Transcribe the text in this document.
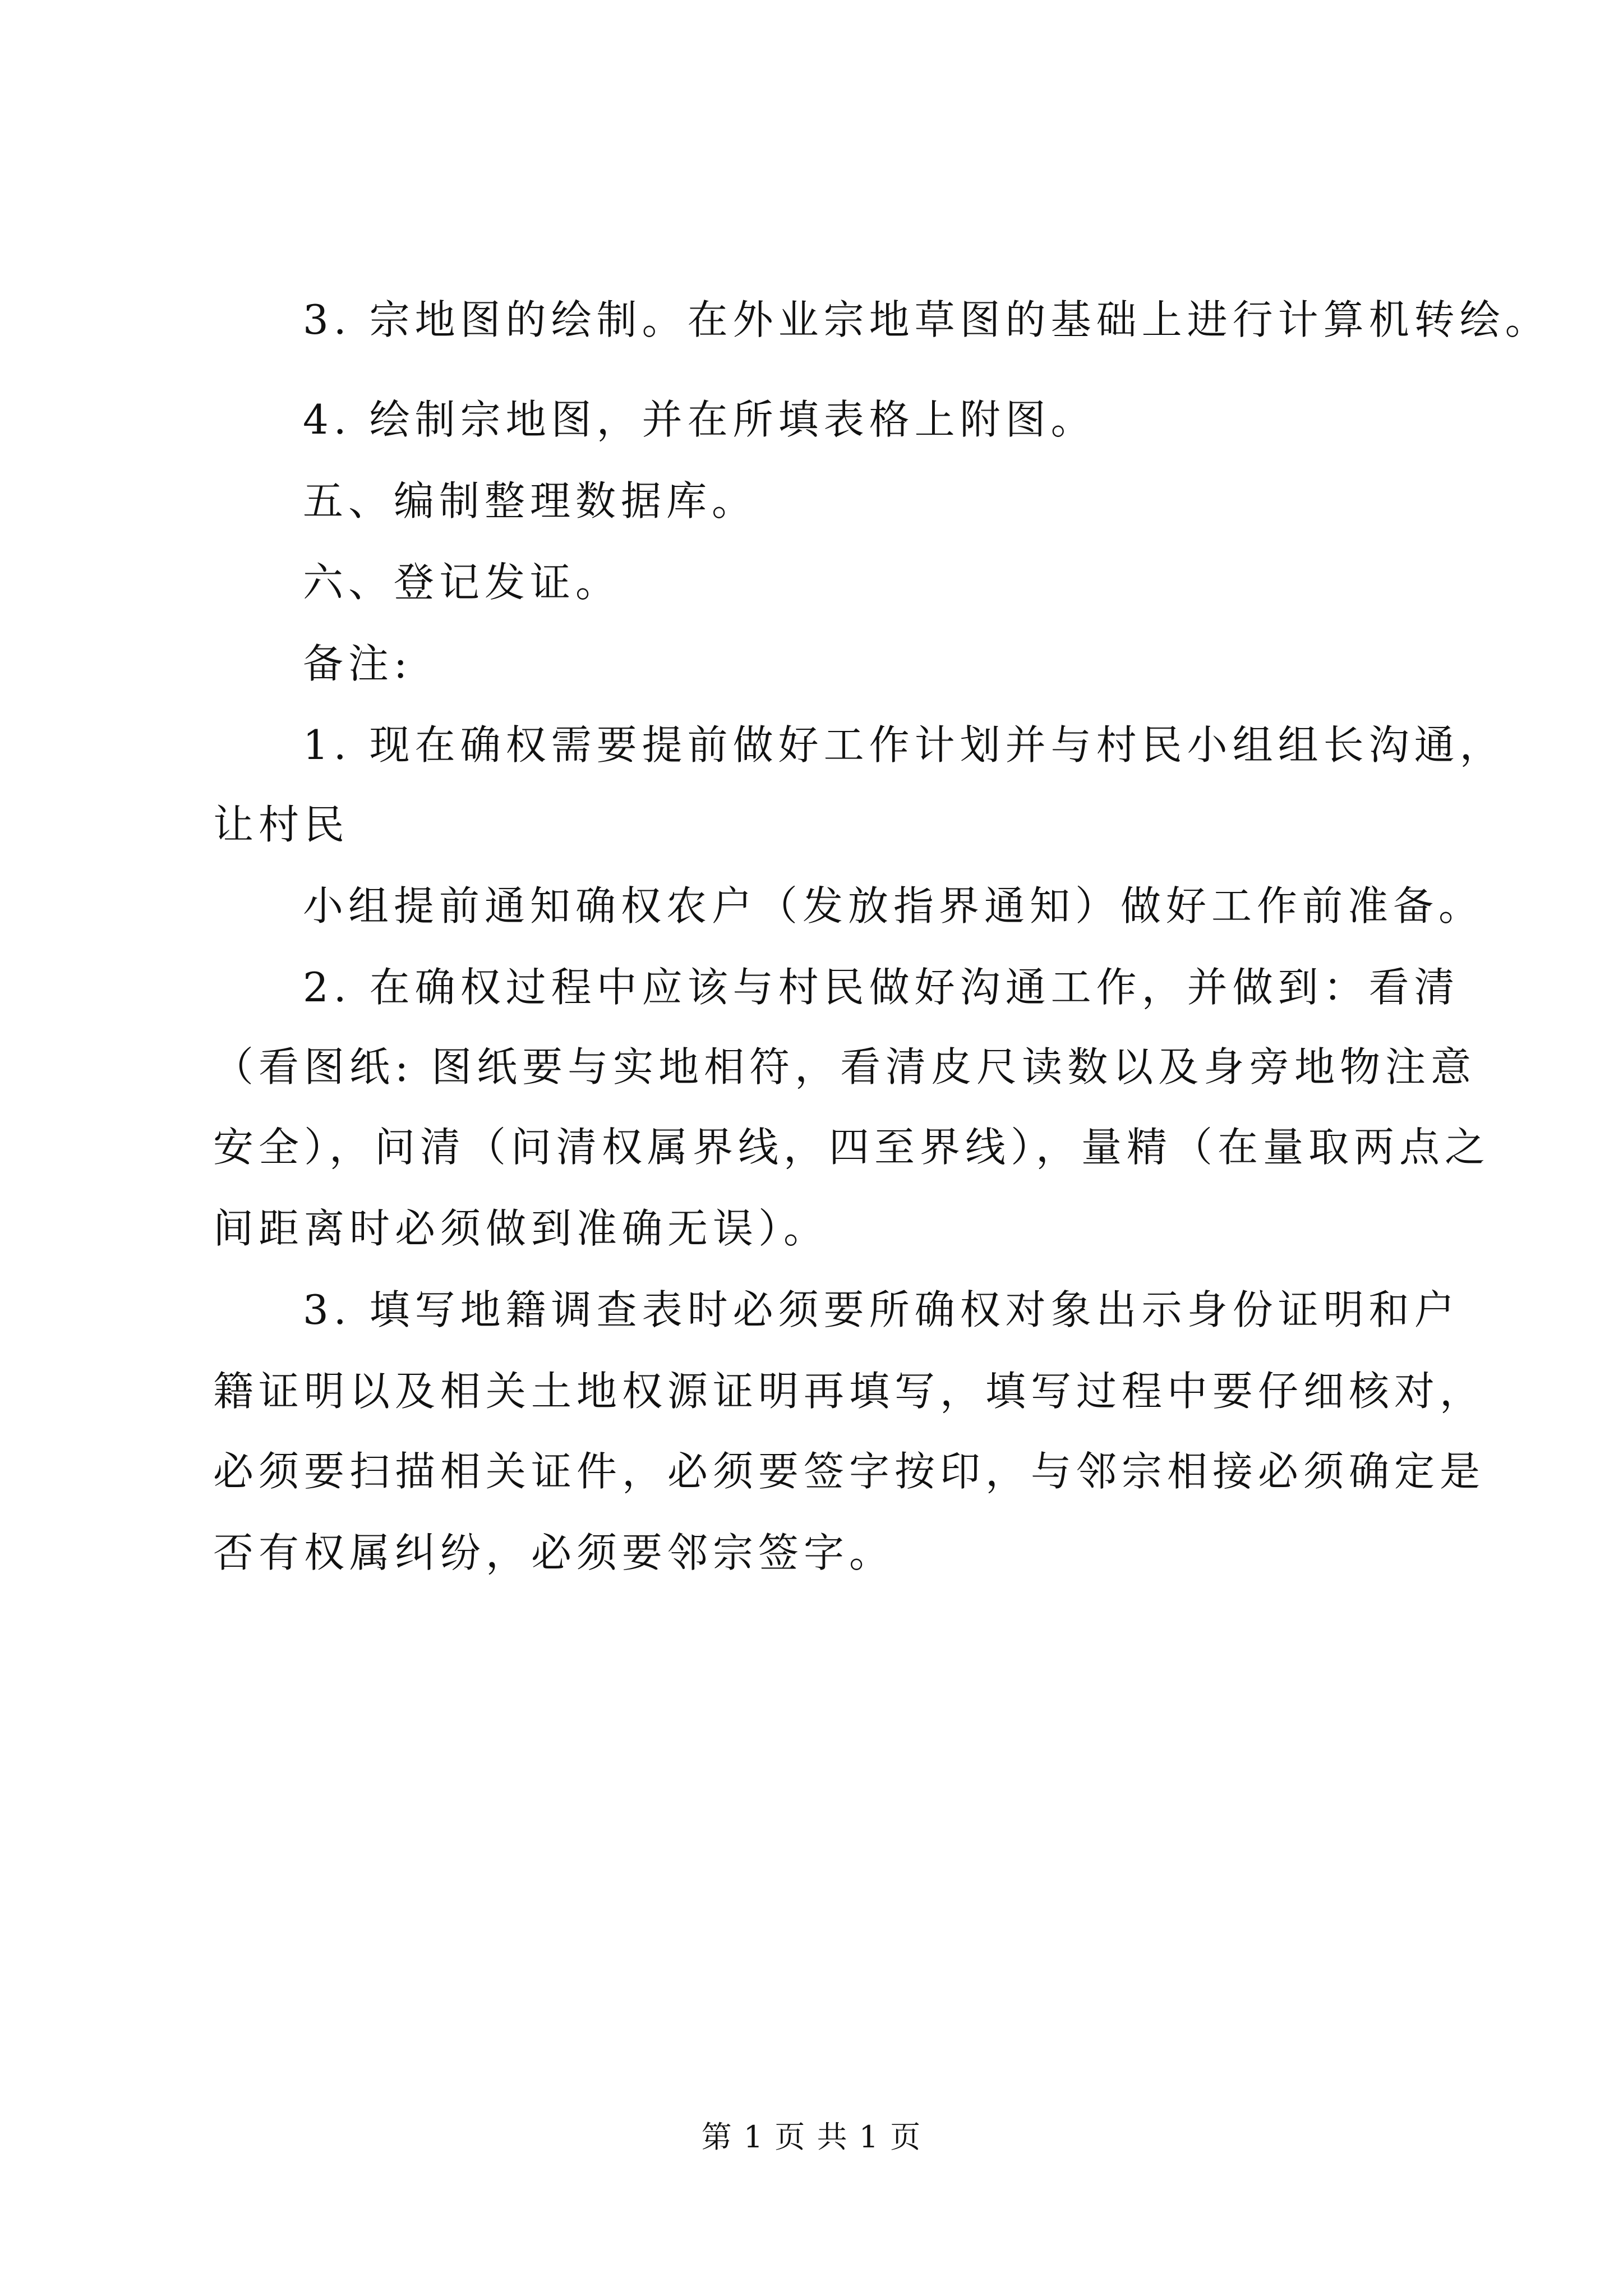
3. 宗地图的绘制。在外业宗地草图的基础上进行计算机转绘。

4. 绘制宗地图，并在所填表格上附图。

五、编制整理数据库。

六、登记发证。

备注:

1. 现在确权需要提前做好工作计划并与村民小组组长沟通，

让村民

小组提前通知确权农户（发放指界通知）做好工作前准备。

2. 在确权过程中应该与村民做好沟通工作，并做到：看清

（看图纸: 图纸要与实地相符，看清皮尺读数以及身旁地物注意

安全），问清（问清权属界线，四至界线），量精（在量取两点之

间距离时必须做到准确无误）。

3. 填写地籍调查表时必须要所确权对象出示身份证明和户

籍证明以及相关土地权源证明再填写，填写过程中要仔细核对，

必须要扫描相关证件，必须要签字按印，与邻宗相接必须确定是

否有权属纠纷，必须要邻宗签字。

第 1 页 共 1 页
